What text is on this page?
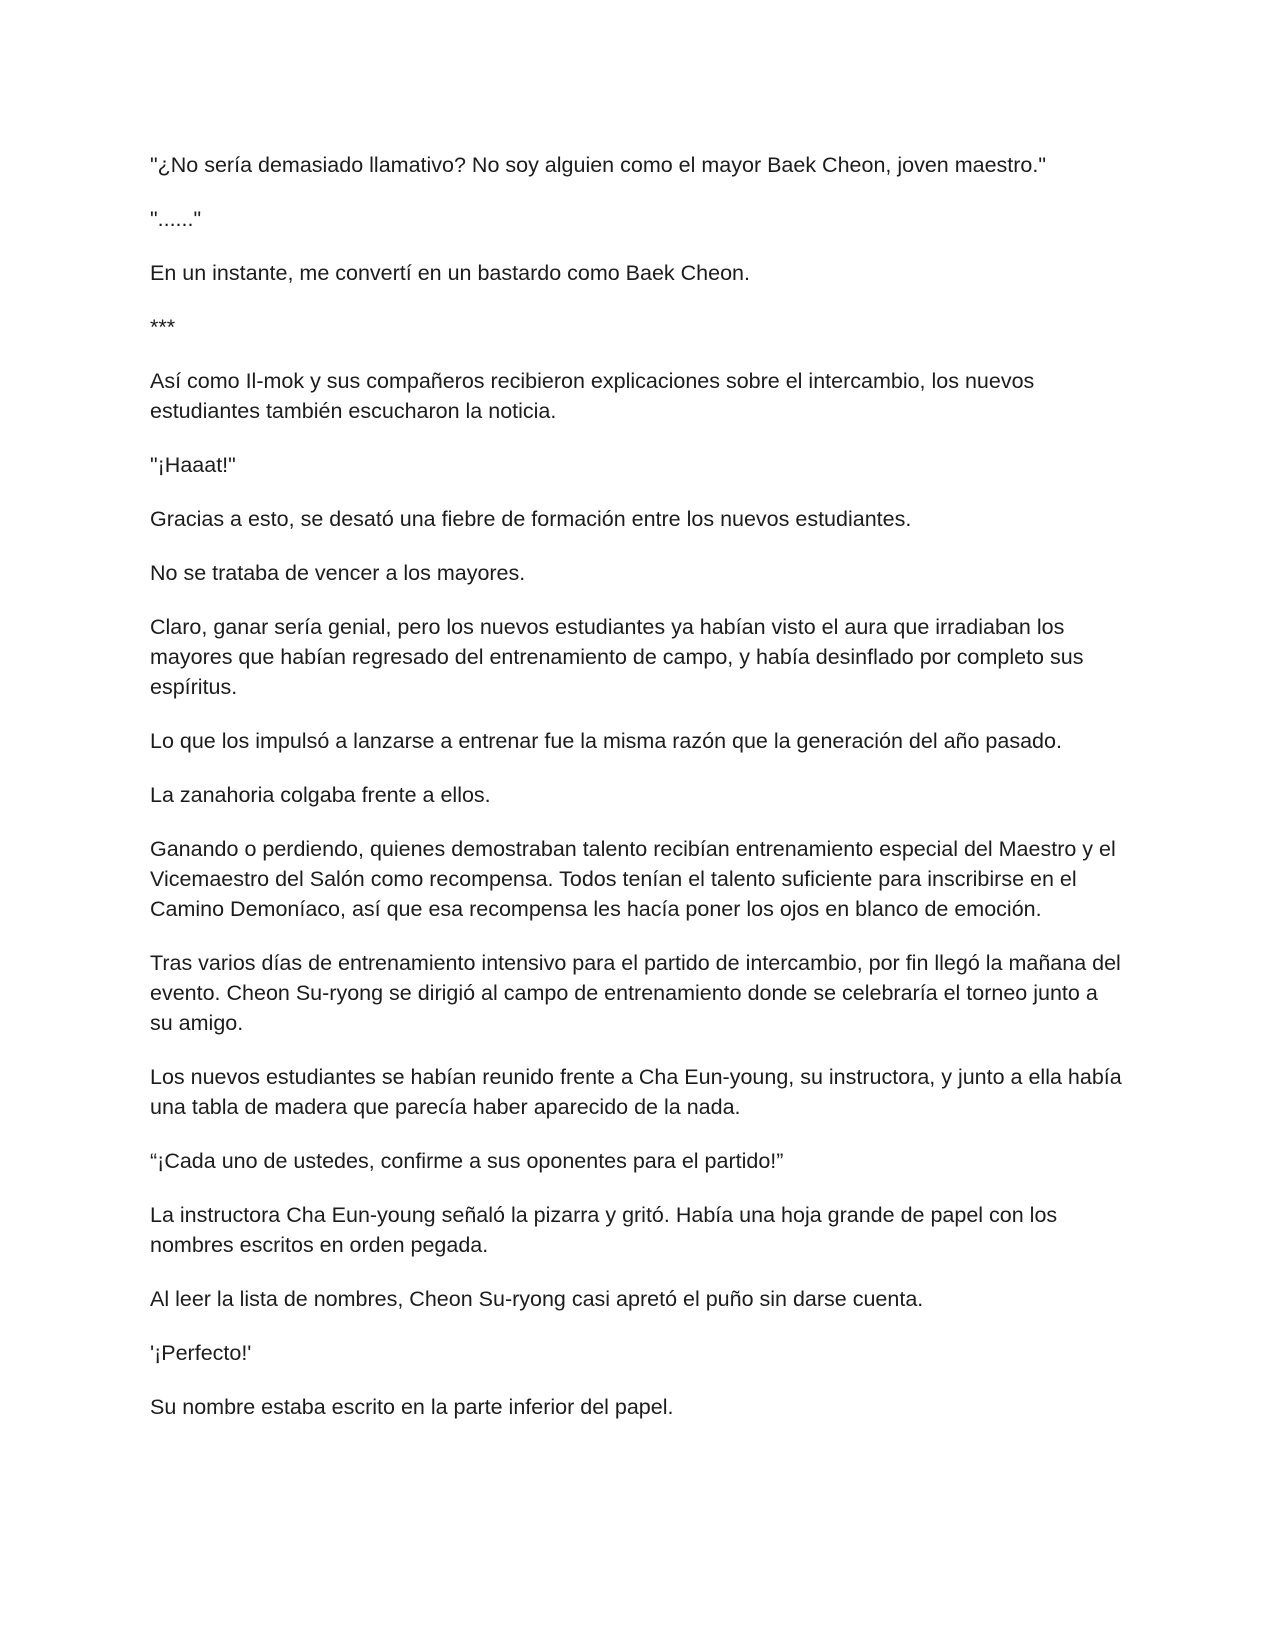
"¿No sería demasiado llamativo? No soy alguien como el mayor Baek Cheon, joven maestro."

"......"

En un instante, me convertí en un bastardo como Baek Cheon.

***

Así como Il-mok y sus compañeros recibieron explicaciones sobre el intercambio, los nuevos estudiantes también escucharon la noticia.

"¡Haaat!"

Gracias a esto, se desató una fiebre de formación entre los nuevos estudiantes.

No se trataba de vencer a los mayores.

Claro, ganar sería genial, pero los nuevos estudiantes ya habían visto el aura que irradiaban los mayores que habían regresado del entrenamiento de campo, y había desinflado por completo sus espíritus.

Lo que los impulsó a lanzarse a entrenar fue la misma razón que la generación del año pasado.

La zanahoria colgaba frente a ellos.

Ganando o perdiendo, quienes demostraban talento recibían entrenamiento especial del Maestro y el Vicemaestro del Salón como recompensa. Todos tenían el talento suficiente para inscribirse en el Camino Demoníaco, así que esa recompensa les hacía poner los ojos en blanco de emoción.

Tras varios días de entrenamiento intensivo para el partido de intercambio, por fin llegó la mañana del evento. Cheon Su-ryong se dirigió al campo de entrenamiento donde se celebraría el torneo junto a su amigo.

Los nuevos estudiantes se habían reunido frente a Cha Eun-young, su instructora, y junto a ella había una tabla de madera que parecía haber aparecido de la nada.

“¡Cada uno de ustedes, confirme a sus oponentes para el partido!”

La instructora Cha Eun-young señaló la pizarra y gritó. Había una hoja grande de papel con los nombres escritos en orden pegada.

Al leer la lista de nombres, Cheon Su-ryong casi apretó el puño sin darse cuenta.

'¡Perfecto!'

Su nombre estaba escrito en la parte inferior del papel.
